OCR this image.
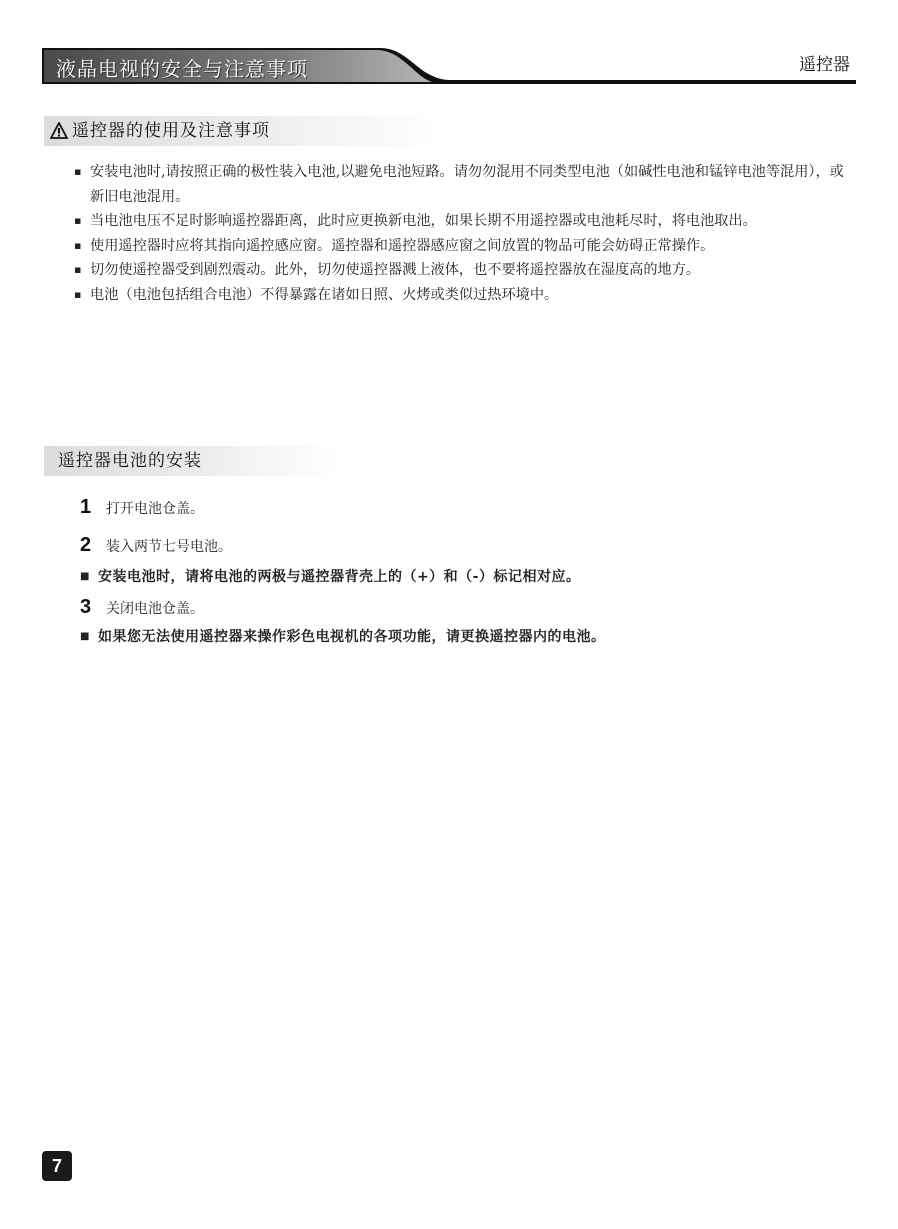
液晶电视的安全与注意事项	遥控器
遥控器的使用及注意事项
▪ 安装电池时,请按照正确的极性装入电池,以避免电池短路。请勿勿混用不同类型电池（如碱性电池和锰锌电池等混用），或新旧电池混用。
▪ 当电池电压不足时影响遥控器距离，此时应更换新电池，如果长期不用遥控器或电池耗尽时，将电池取出。
▪ 使用遥控器时应将其指向遥控感应窗。遥控器和遥控器感应窗之间放置的物品可能会妨碍正常操作。
▪ 切勿使遥控器受到剧烈震动。此外，切勿使遥控器溅上液体，也不要将遥控器放在湿度高的地方。
▪ 电池（电池包括组合电池）不得暴露在诸如日照、火烤或类似过热环境中。
遥控器电池的安装
1 打开电池仓盖。
2 装入两节七号电池。
■ 安装电池时，请将电池的两极与遥控器背壳上的（+）和（-）标记相对应。
3 关闭电池仓盖。
■ 如果您无法使用遥控器来操作彩色电视机的各项功能，请更换遥控器内的电池。
7
